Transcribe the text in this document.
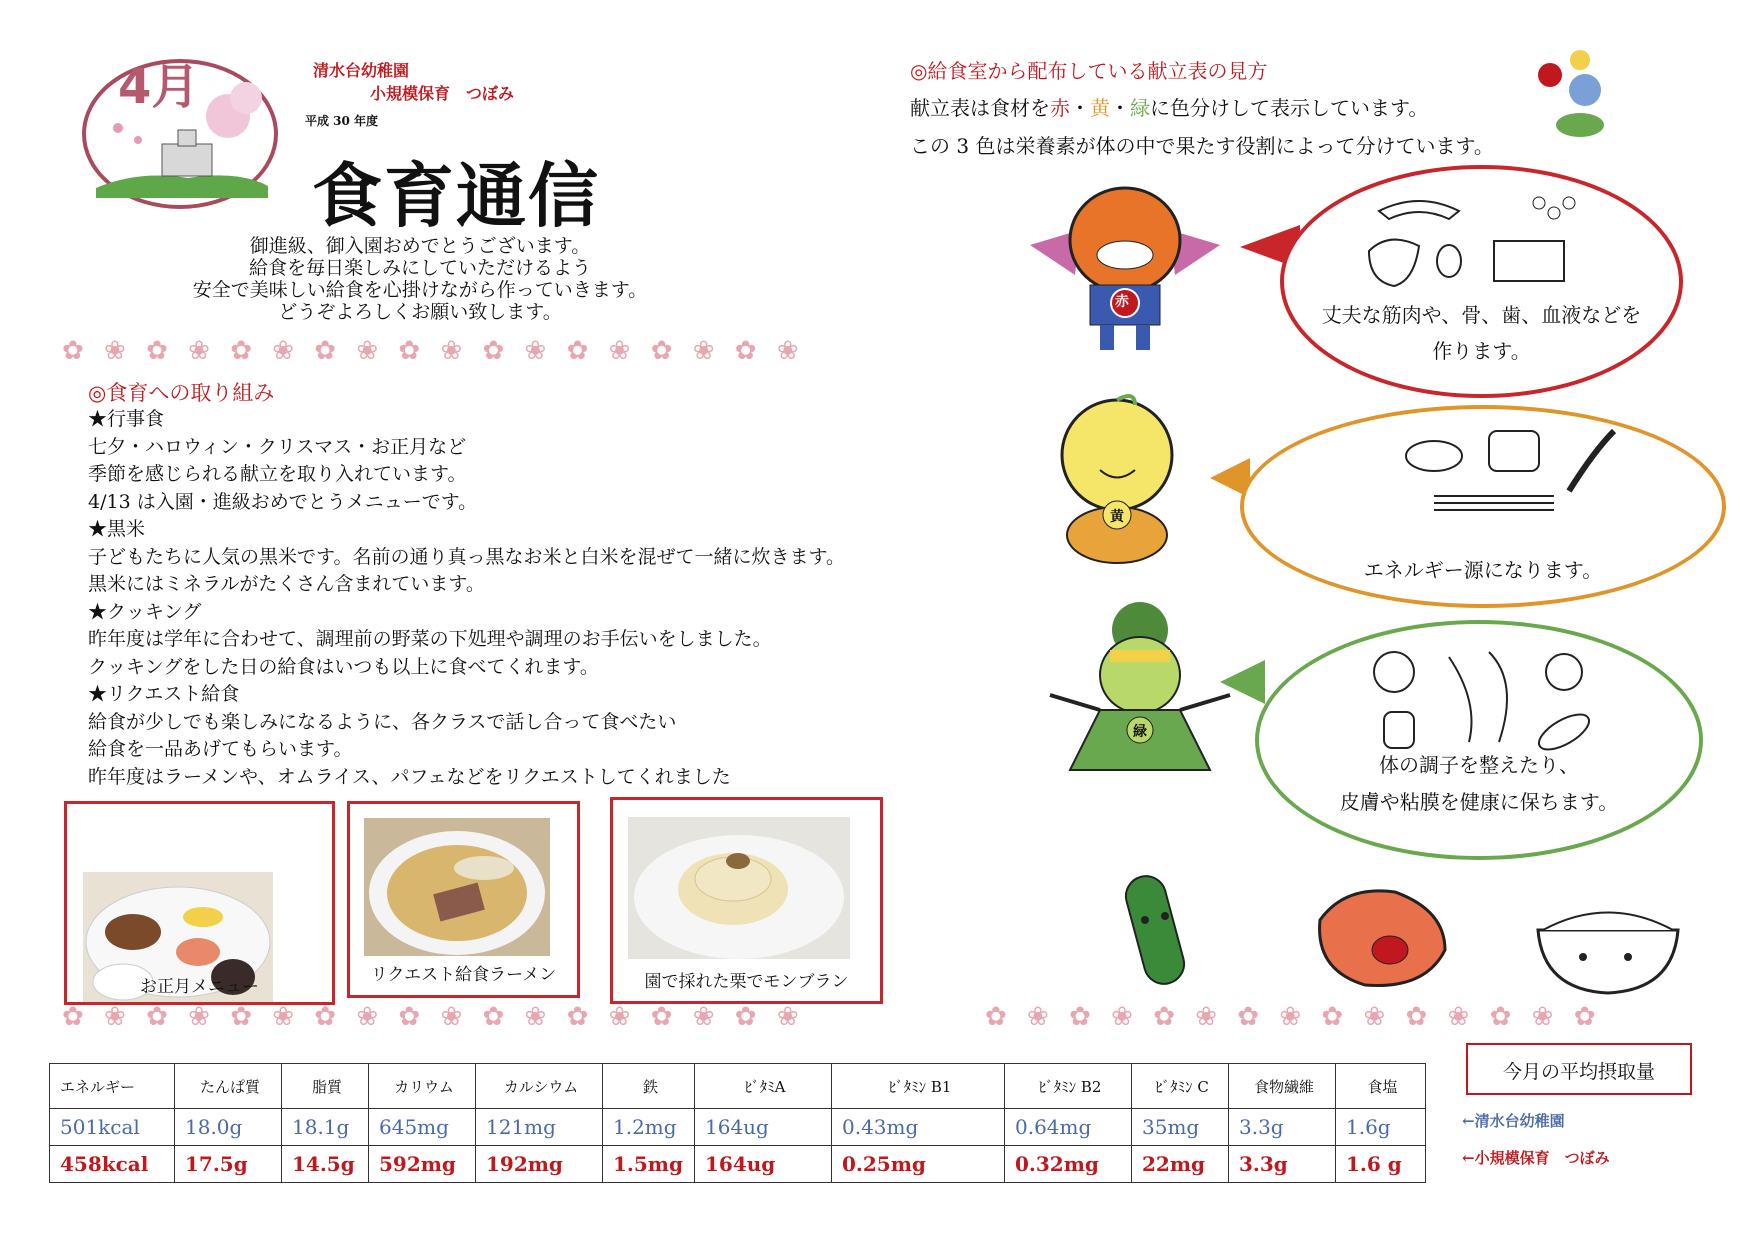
4月	清水台幼稚園
小規模保育　つぼみ
平成 30 年度
食育通信
御進級、御入園おめでとうございます。
給食を毎日楽しみにしていただけるよう
安全で美味しい給食を心掛けながら作っていきます。
どうぞよろしくお願い致します。
✿ ❀ ✿ ❀ ✿ ❀ ✿ ❀ ✿ ❀ ✿ ❀ ✿ ❀ ✿ ❀ ✿ ❀
◎食育への取り組み
★行事食
七夕・ハロウィン・クリスマス・お正月など
季節を感じられる献立を取り入れています。
4/13 は入園・進級おめでとうメニューです。
★黒米
子どもたちに人気の黒米です。名前の通り真っ黒なお米と白米を混ぜて一緒に炊きます。
黒米にはミネラルがたくさん含まれています。
★クッキング
昨年度は学年に合わせて、調理前の野菜の下処理や調理のお手伝いをしました。
クッキングをした日の給食はいつも以上に食べてくれます。
★リクエスト給食
給食が少しでも楽しみになるように、各クラスで話し合って食べたい
給食を一品あげてもらいます。
昨年度はラーメンや、オムライス、パフェなどをリクエストしてくれました
お正月メニュー
リクエスト給食ラーメン	園で採れた栗でモンブラン
✿ ❀ ✿ ❀ ✿ ❀ ✿ ❀ ✿ ❀ ✿ ❀ ✿ ❀ ✿ ❀ ✿ ❀	✿ ❀ ✿ ❀ ✿ ❀ ✿ ❀ ✿ ❀ ✿ ❀ ✿ ❀ ✿
◎給食室から配布している献立表の見方
献立表は食材を赤・黄・緑に色分けして表示しています。
この 3 色は栄養素が体の中で果たす役割によって分けています。
赤
丈夫な筋肉や、骨、歯、血液などを
作ります。
黄
エネルギー源になります。
緑
体の調子を整えたり、
皮膚や粘膜を健康に保ちます。
今月の平均摂取量
エネルギー	たんぱ質	脂質	カリウム	カルシウム	鉄	ﾋﾞﾀﾐA	ﾋﾞﾀﾐﾝ B1	ﾋﾞﾀﾐﾝ B2	ﾋﾞﾀﾐﾝ C	食物繊維	食塩
501kcal	18.0g	18.1g	645mg	121mg	1.2mg	164ug	0.43mg	0.64mg	35mg	3.3g	1.6g
458kcal	17.5g	14.5g	592mg	192mg	1.5mg	164ug	0.25mg	0.32mg	22mg	3.3g	1.6 g
←清水台幼稚園
←小規模保育　つぼみ
